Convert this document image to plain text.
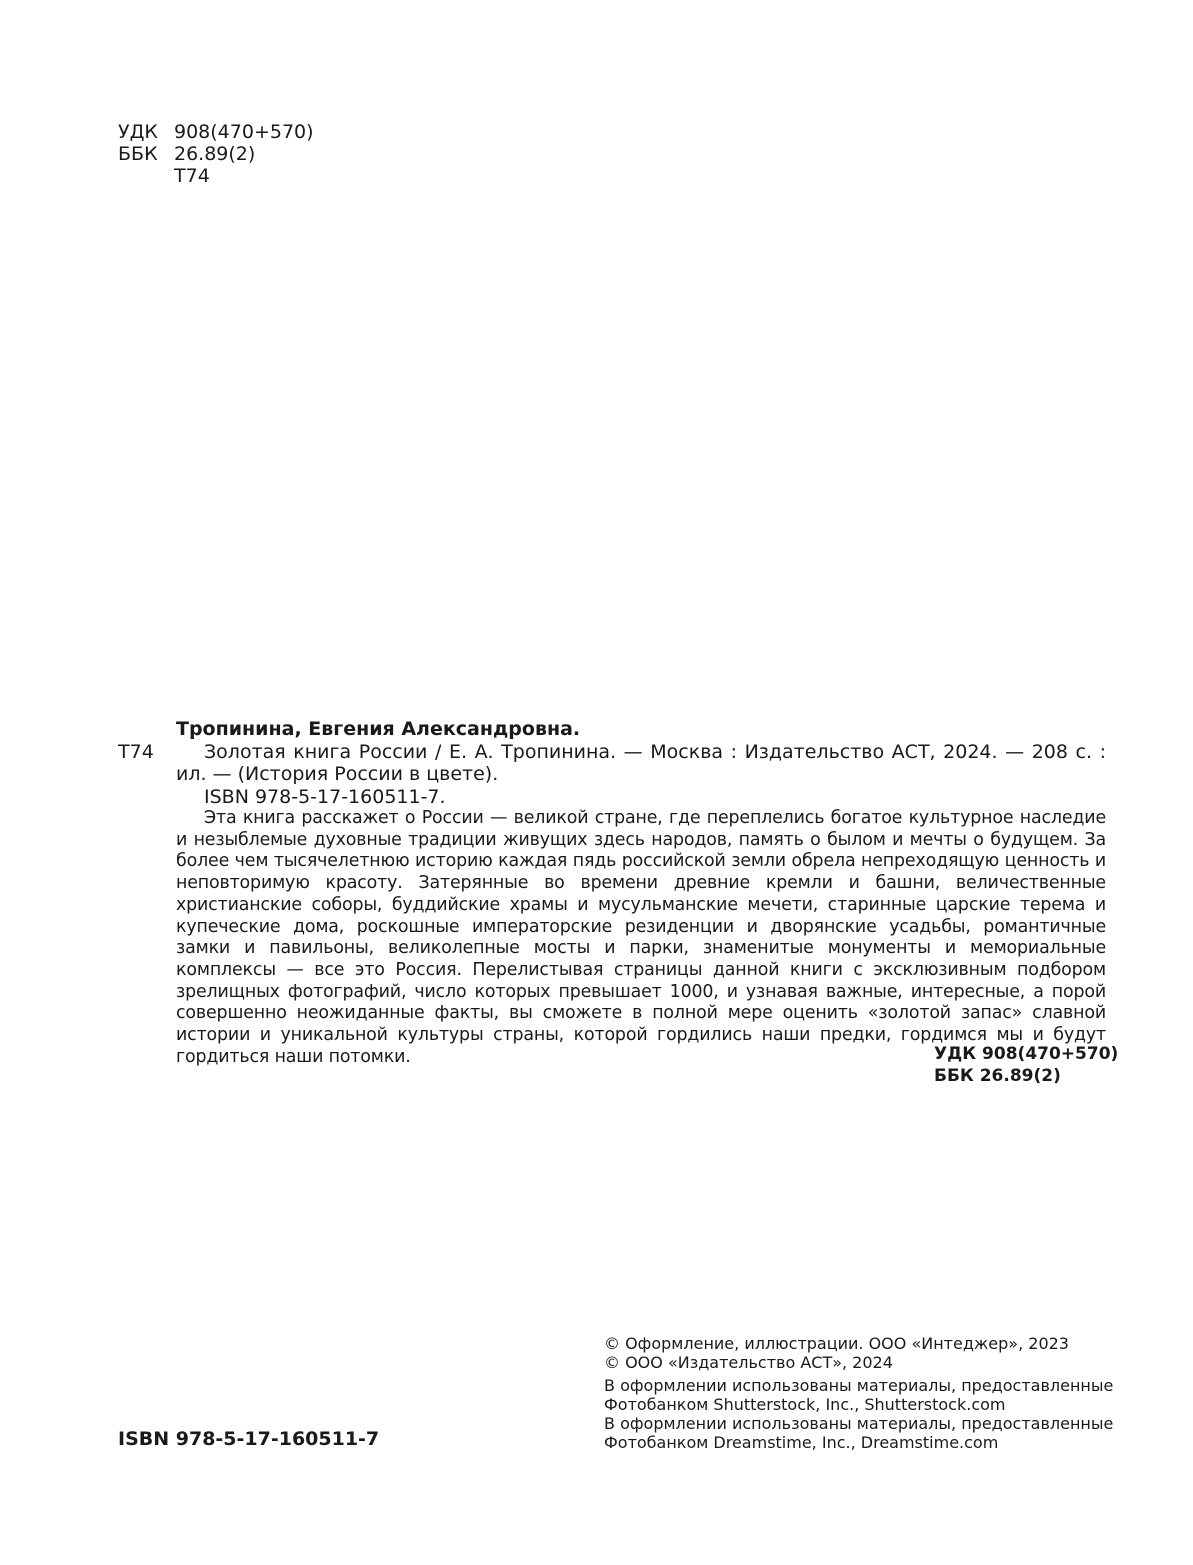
УДК 908(470+570)
ББК 26.89(2)
Т74
Тропинина, Евгения Александровна.
Т74	Золотая книга России / Е. А. Тропинина. — Москва : Издательство АСТ, 2024. — 208 с. : ил. — (История России в цвете).
ISBN 978-5-17-160511-7.
Эта книга расскажет о России — великой стране, где переплелись богатое культурное наследие и незыблемые духовные традиции живущих здесь народов, память о былом и мечты о будущем. За более чем тысячелетнюю историю каждая пядь российской земли обрела непреходящую ценность и неповторимую красоту. Затерянные во времени древние кремли и башни, величественные христианские соборы, буддийские храмы и мусульманские мечети, старинные царские терема и купеческие дома, роскошные императорские резиденции и дворянские усадьбы, романтичные замки и павильоны, великолепные мосты и парки, знаменитые монументы и мемориальные комплексы — все это Россия. Перелистывая страницы данной книги с эксклюзивным подбором зрелищных фотографий, число которых превышает 1000, и узнавая важные, интересные, а порой совершенно неожиданные факты, вы сможете в полной мере оценить «золотой запас» славной истории и уникальной культуры страны, которой гордились наши предки, гордимся мы и будут гордиться наши потомки.	УДК 908(470+570)
ББК 26.89(2)
© Оформление, иллюстрации. ООО «Интеджер», 2023
© ООО «Издательство АСТ», 2024
В оформлении использованы материалы, предоставленные
Фотобанком Shutterstock, Inc., Shutterstock.com
В оформлении использованы материалы, предоставленные
Фотобанком Dreamstime, Inc., Dreamstime.com
ISBN 978-5-17-160511-7
